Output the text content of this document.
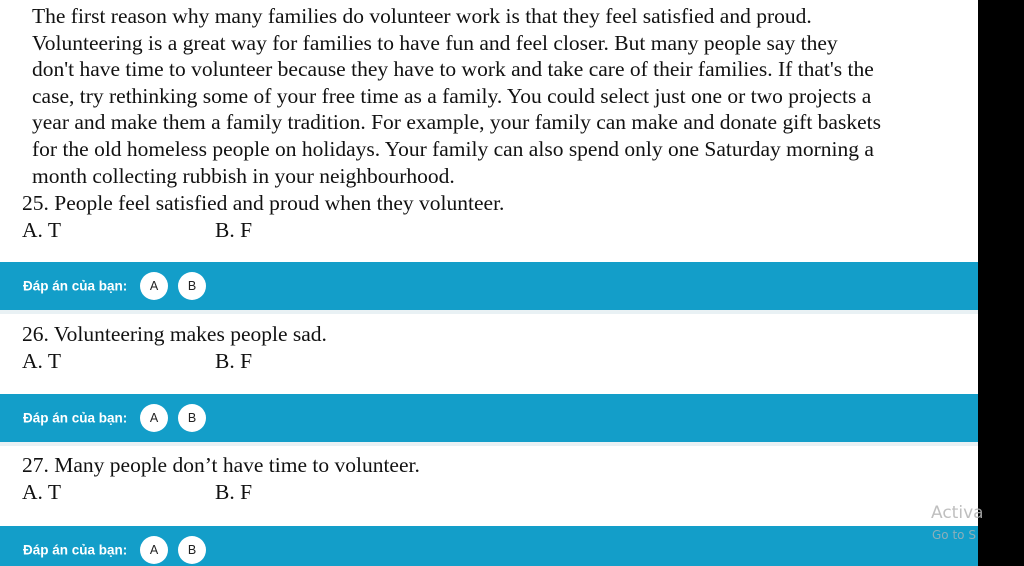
The first reason why many families do volunteer work is that they feel satisfied and proud.
Volunteering is a great way for families to have fun and feel closer. But many people say they
don't have time to volunteer because they have to work and take care of their families. If that's the
case, try rethinking some of your free time as a family. You could select just one or two projects a
year and make them a family tradition. For example, your family can make and donate gift baskets
for the old homeless people on holidays. Your family can also spend only one Saturday morning a
month collecting rubbish in your neighbourhood.
25. People feel satisfied and proud when they volunteer.
A. T	B. F
Đáp án của bạn:	A	B
26. Volunteering makes people sad.
A. T	B. F
Đáp án của bạn:	A	B
27. Many people don’t have time to volunteer.
A. T	B. F
Đáp án của bạn:	A	B
Activa
Go to S
